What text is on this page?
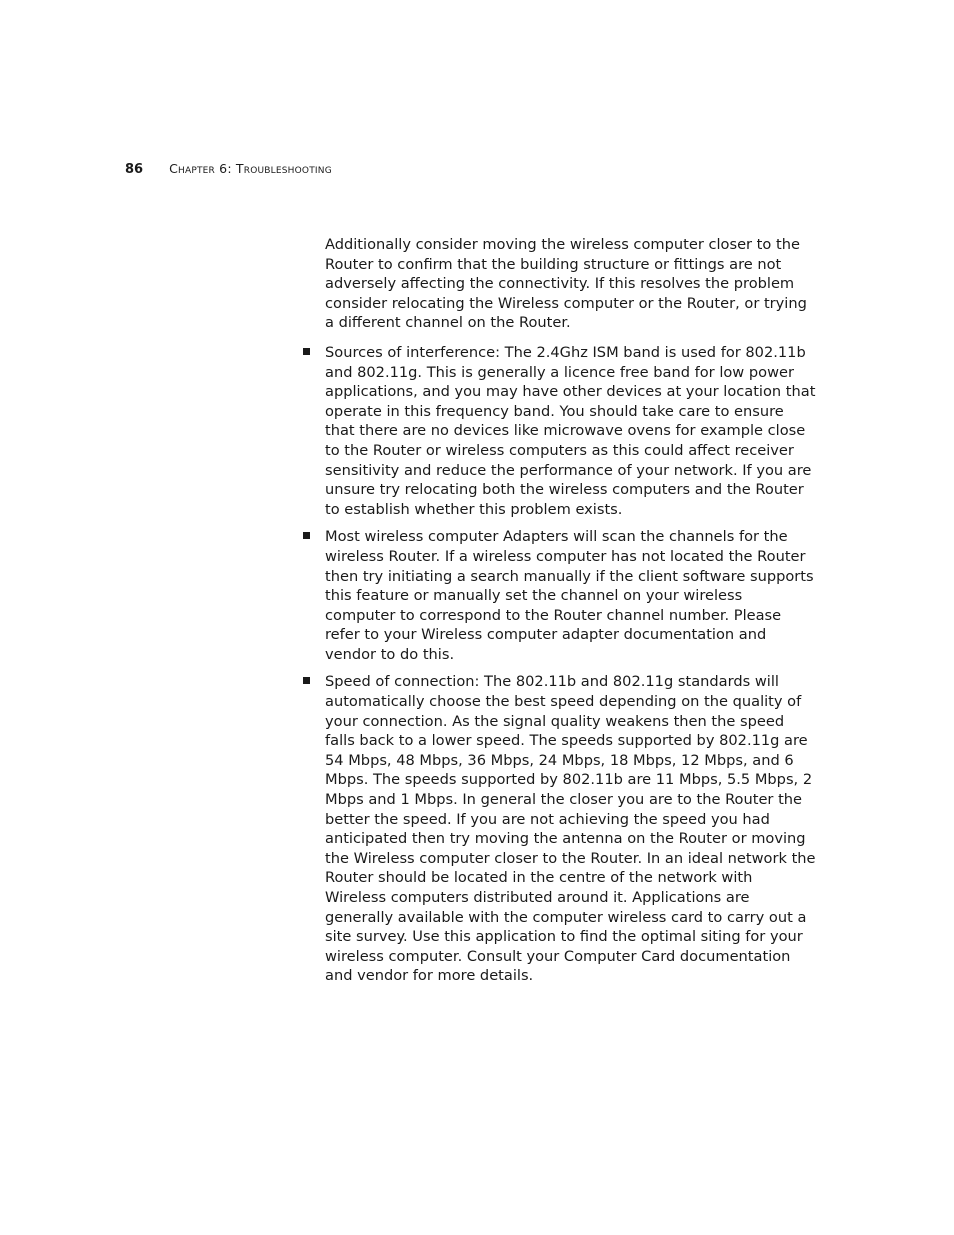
86 Chapter 6: Troubleshooting

Additionally consider moving the wireless computer closer to the Router to confirm that the building structure or fittings are not adversely affecting the connectivity. If this resolves the problem consider relocating the Wireless computer or the Router, or trying a different channel on the Router.

Sources of interference: The 2.4Ghz ISM band is used for 802.11b and 802.11g. This is generally a licence free band for low power applications, and you may have other devices at your location that operate in this frequency band. You should take care to ensure that there are no devices like microwave ovens for example close to the Router or wireless computers as this could affect receiver sensitivity and reduce the performance of your network. If you are unsure try relocating both the wireless computers and the Router to establish whether this problem exists.
Most wireless computer Adapters will scan the channels for the wireless Router. If a wireless computer has not located the Router then try initiating a search manually if the client software supports this feature or manually set the channel on your wireless computer to correspond to the Router channel number. Please refer to your Wireless computer adapter documentation and vendor to do this.
Speed of connection: The 802.11b and 802.11g standards will automatically choose the best speed depending on the quality of your connection. As the signal quality weakens then the speed falls back to a lower speed. The speeds supported by 802.11g are 54 Mbps, 48 Mbps, 36 Mbps, 24 Mbps, 18 Mbps, 12 Mbps, and 6 Mbps. The speeds supported by 802.11b are 11 Mbps, 5.5 Mbps, 2 Mbps and 1 Mbps. In general the closer you are to the Router the better the speed. If you are not achieving the speed you had anticipated then try moving the antenna on the Router or moving the Wireless computer closer to the Router. In an ideal network the Router should be located in the centre of the network with Wireless computers distributed around it. Applications are generally available with the computer wireless card to carry out a site survey. Use this application to find the optimal siting for your wireless computer. Consult your Computer Card documentation and vendor for more details.
